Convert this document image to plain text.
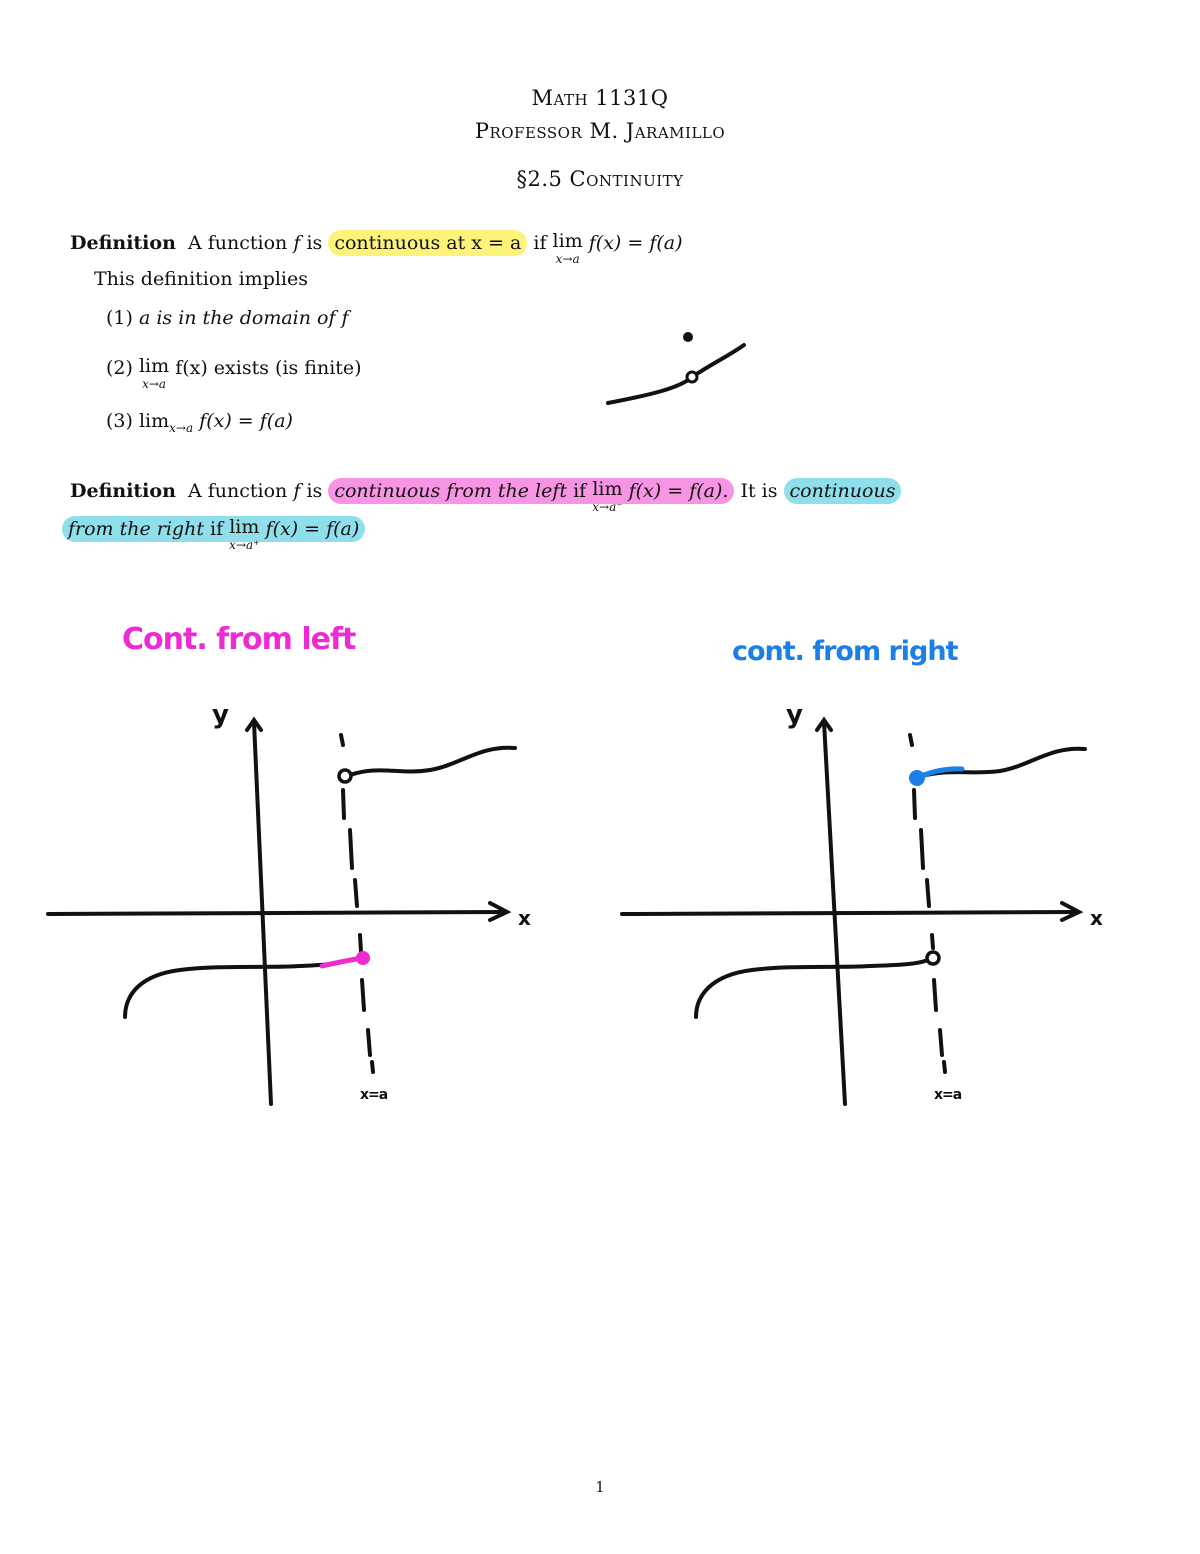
Math 1131Q
Professor M. Jaramillo
§2.5 Continuity
Definition A function f is continuous at x = a if lim
x→a
f(x) = f(a)
This definition implies
(1) a is in the domain of f
(2) lim
x→a
f(x) exists (is finite)
(3) $\lim_{x\to a} f(x) = f(a)$
Definition A function f is continuous from the left if lim
x→a⁻
f(x) = f(a). It is continuous
from the right if lim
x→a⁺
f(x) = f(a)
Cont. from left	cont. from right
y
x
x=a
y
x
x=a
1
